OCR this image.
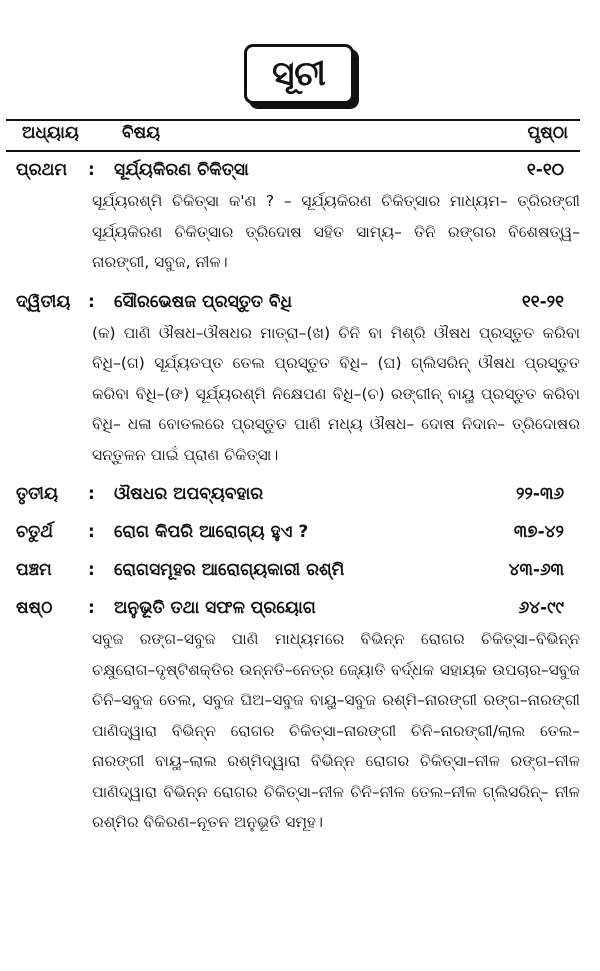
ସୂଚୀ
ଅଧ୍ୟାୟ	ବିଷୟ	ପୃଷ୍ଠା
ପ୍ରଥମ : ସୂର୍ଯ୍ୟକିରଣ ଚିକିତ୍ସା	୧-୧୦
ସୂର୍ଯ୍ୟରଶ୍ମି ଚିକିତ୍ସା କ'ଣ ? – ସୂର୍ଯ୍ୟକିରଣ ଚିକିତ୍ସାର ମାଧ୍ୟମ– ତ୍ରିରଙ୍ଗୀ ସୂର୍ଯ୍ୟକିରଣ ଚିକିତ୍ସାର ତ୍ରିଦୋଷ ସହିତ ସାମ୍ୟ– ତିନି ରଙ୍ଗର ବିଶେଷତ୍ୱ–ନାରଙ୍ଗୀ, ସବୁଜ, ନୀଳ।
ଦ୍ୱିତୀୟ : ସୌରଭେଷଜ ପ୍ରସ୍ତୁତ ବିଧି	୧୧-୨୧
(କ) ପାଣି ଔଷଧ–ଔଷଧର ମାତ୍ରା–(ଖ) ଚିନି ବା ମିଶ୍ରି ଔଷଧ ପ୍ରସ୍ତୁତ କରିବା ବିଧି–(ଗ) ସୂର୍ଯ୍ୟତପ୍ତ ତେଲ ପ୍ରସ୍ତୁତ ବିଧି– (ଘ) ଗ୍ଲିସରିନ୍ ଔଷଧ ପ୍ରସ୍ତୁତ କରିବା ବିଧି–(ଙ) ସୂର୍ଯ୍ୟରଶ୍ମି ନିକ୍ଷେପଣ ବିଧି–(ଚ) ରଙ୍ଗୀନ୍ ବାୟୁ ପ୍ରସ୍ତୁତ କରିବା ବିଧି– ଧଳା ବୋତଲରେ ପ୍ରସ୍ତୁତ ପାଣି ମଧ୍ୟ ଔଷଧ– ଦୋଷ ନିଦାନ– ତ୍ରିଦୋଷର ସନ୍ତୁଳନ ପାଇଁ ପ୍ରାଣ ଚିକିତ୍ସା।
ତୃତୀୟ : ଔଷଧର ଅପବ୍ୟବହାର	୨୨-୩୬
ଚତୁର୍ଥ : ରୋଗ କିପରି ଆରୋଗ୍ୟ ହୁଏ ?	୩୭-୪୨
ପଞ୍ଚମ : ରୋଗସମୂହର ଆରୋଗ୍ୟକାରୀ ରଶ୍ମି	୪୩-୬୩
ଷଷ୍ଠ : ଅନୁଭୂତି ତଥା ସଫଳ ପ୍ରୟୋଗ	୬୪-୯୯
ସବୁଜ ରଙ୍ଗ–ସବୁଜ ପାଣି ମାଧ୍ୟମରେ ବିଭିନ୍ନ ରୋଗର ଚିକିତ୍ସା–ବିଭିନ୍ନ ଚକ୍ଷୁରୋଗ–ଦୃଷ୍ଟିଶକ୍ତିର ଉନ୍ନତି–ନେତ୍ର ଜ୍ୟୋତି ବର୍ଦ୍ଧକ ସହାୟକ ଉପଚାର–ସବୁଜ ଚିନି–ସବୁଜ ତେଲ, ସବୁଜ ଘିଅ–ସବୁଜ ବାୟୁ–ସବୁଜ ରଶ୍ମି–ନାରଙ୍ଗୀ ରଙ୍ଗ–ନାରଙ୍ଗୀ ପାଣିଦ୍ୱାରା ବିଭିନ୍ନ ରୋଗର ଚିକିତ୍ସା–ନାରଙ୍ଗୀ ଚିନି–ନାରଙ୍ଗୀ/ଲାଲ ତେଲ–ନାରଙ୍ଗୀ ବାୟୁ–ଲାଲ ରଶ୍ମିଦ୍ୱାରା ବିଭିନ୍ନ ରୋଗର ଚିକିତ୍ସା–ନୀଳ ରଙ୍ଗ–ନୀଳ ପାଣିଦ୍ୱାରା ବିଭିନ୍ନ ରୋଗର ଚିକିତ୍ସା–ନୀଳ ଚିନି–ନୀଳ ତେଲ–ନୀଳ ଗ୍ଲିସରିନ୍– ନୀଳ ରଶ୍ମିର ବିକିରଣ–ନୂତନ ଅନୁଭୂତି ସମୂହ।
